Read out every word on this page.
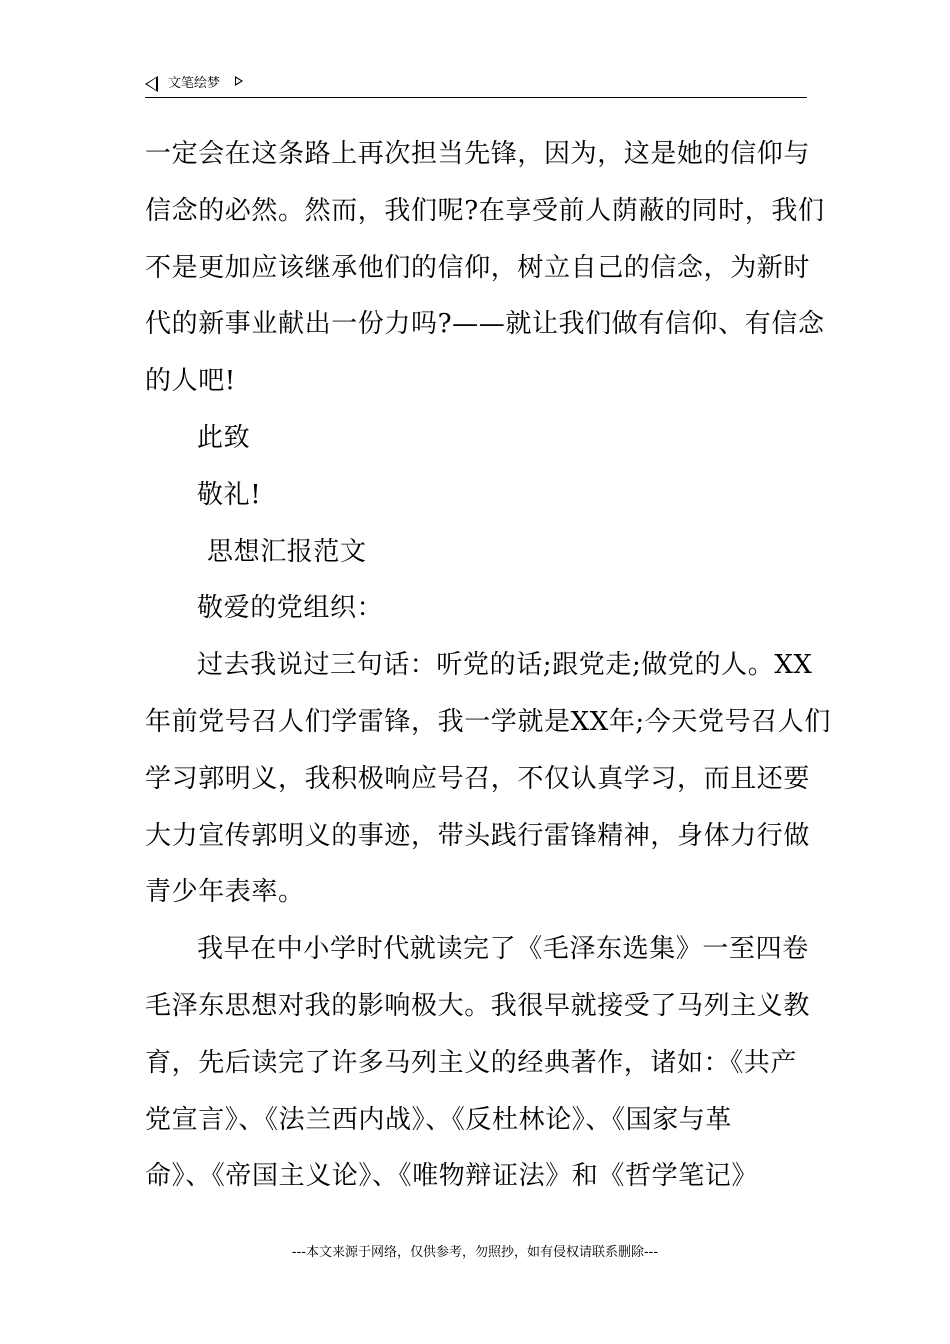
文笔绘梦
一定会在这条路上再次担当先锋，因为，这是她的信仰与
信念的必然。然而，我们呢?在享受前人荫蔽的同时，我们
不是更加应该继承他们的信仰，树立自己的信念，为新时
代的新事业献出一份力吗?——就让我们做有信仰、有信念
的人吧!
此致
敬礼!
思想汇报范文
敬爱的党组织：
过去我说过三句话：听党的话;跟党走;做党的人。XX
年前党号召人们学雷锋，我一学就是XX年;今天党号召人们
学习郭明义，我积极响应号召，不仅认真学习，而且还要
大力宣传郭明义的事迹，带头践行雷锋精神，身体力行做
青少年表率。
我早在中小学时代就读完了《毛泽东选集》一至四卷
毛泽东思想对我的影响极大。我很早就接受了马列主义教
育，先后读完了许多马列主义的经典著作，诸如：《共产
党宣言》、《法兰西内战》、《反杜林论》、《国家与革
命》、《帝国主义论》、《唯物辩证法》和《哲学笔记》
---本文来源于网络，仅供参考，勿照抄，如有侵权请联系删除---
